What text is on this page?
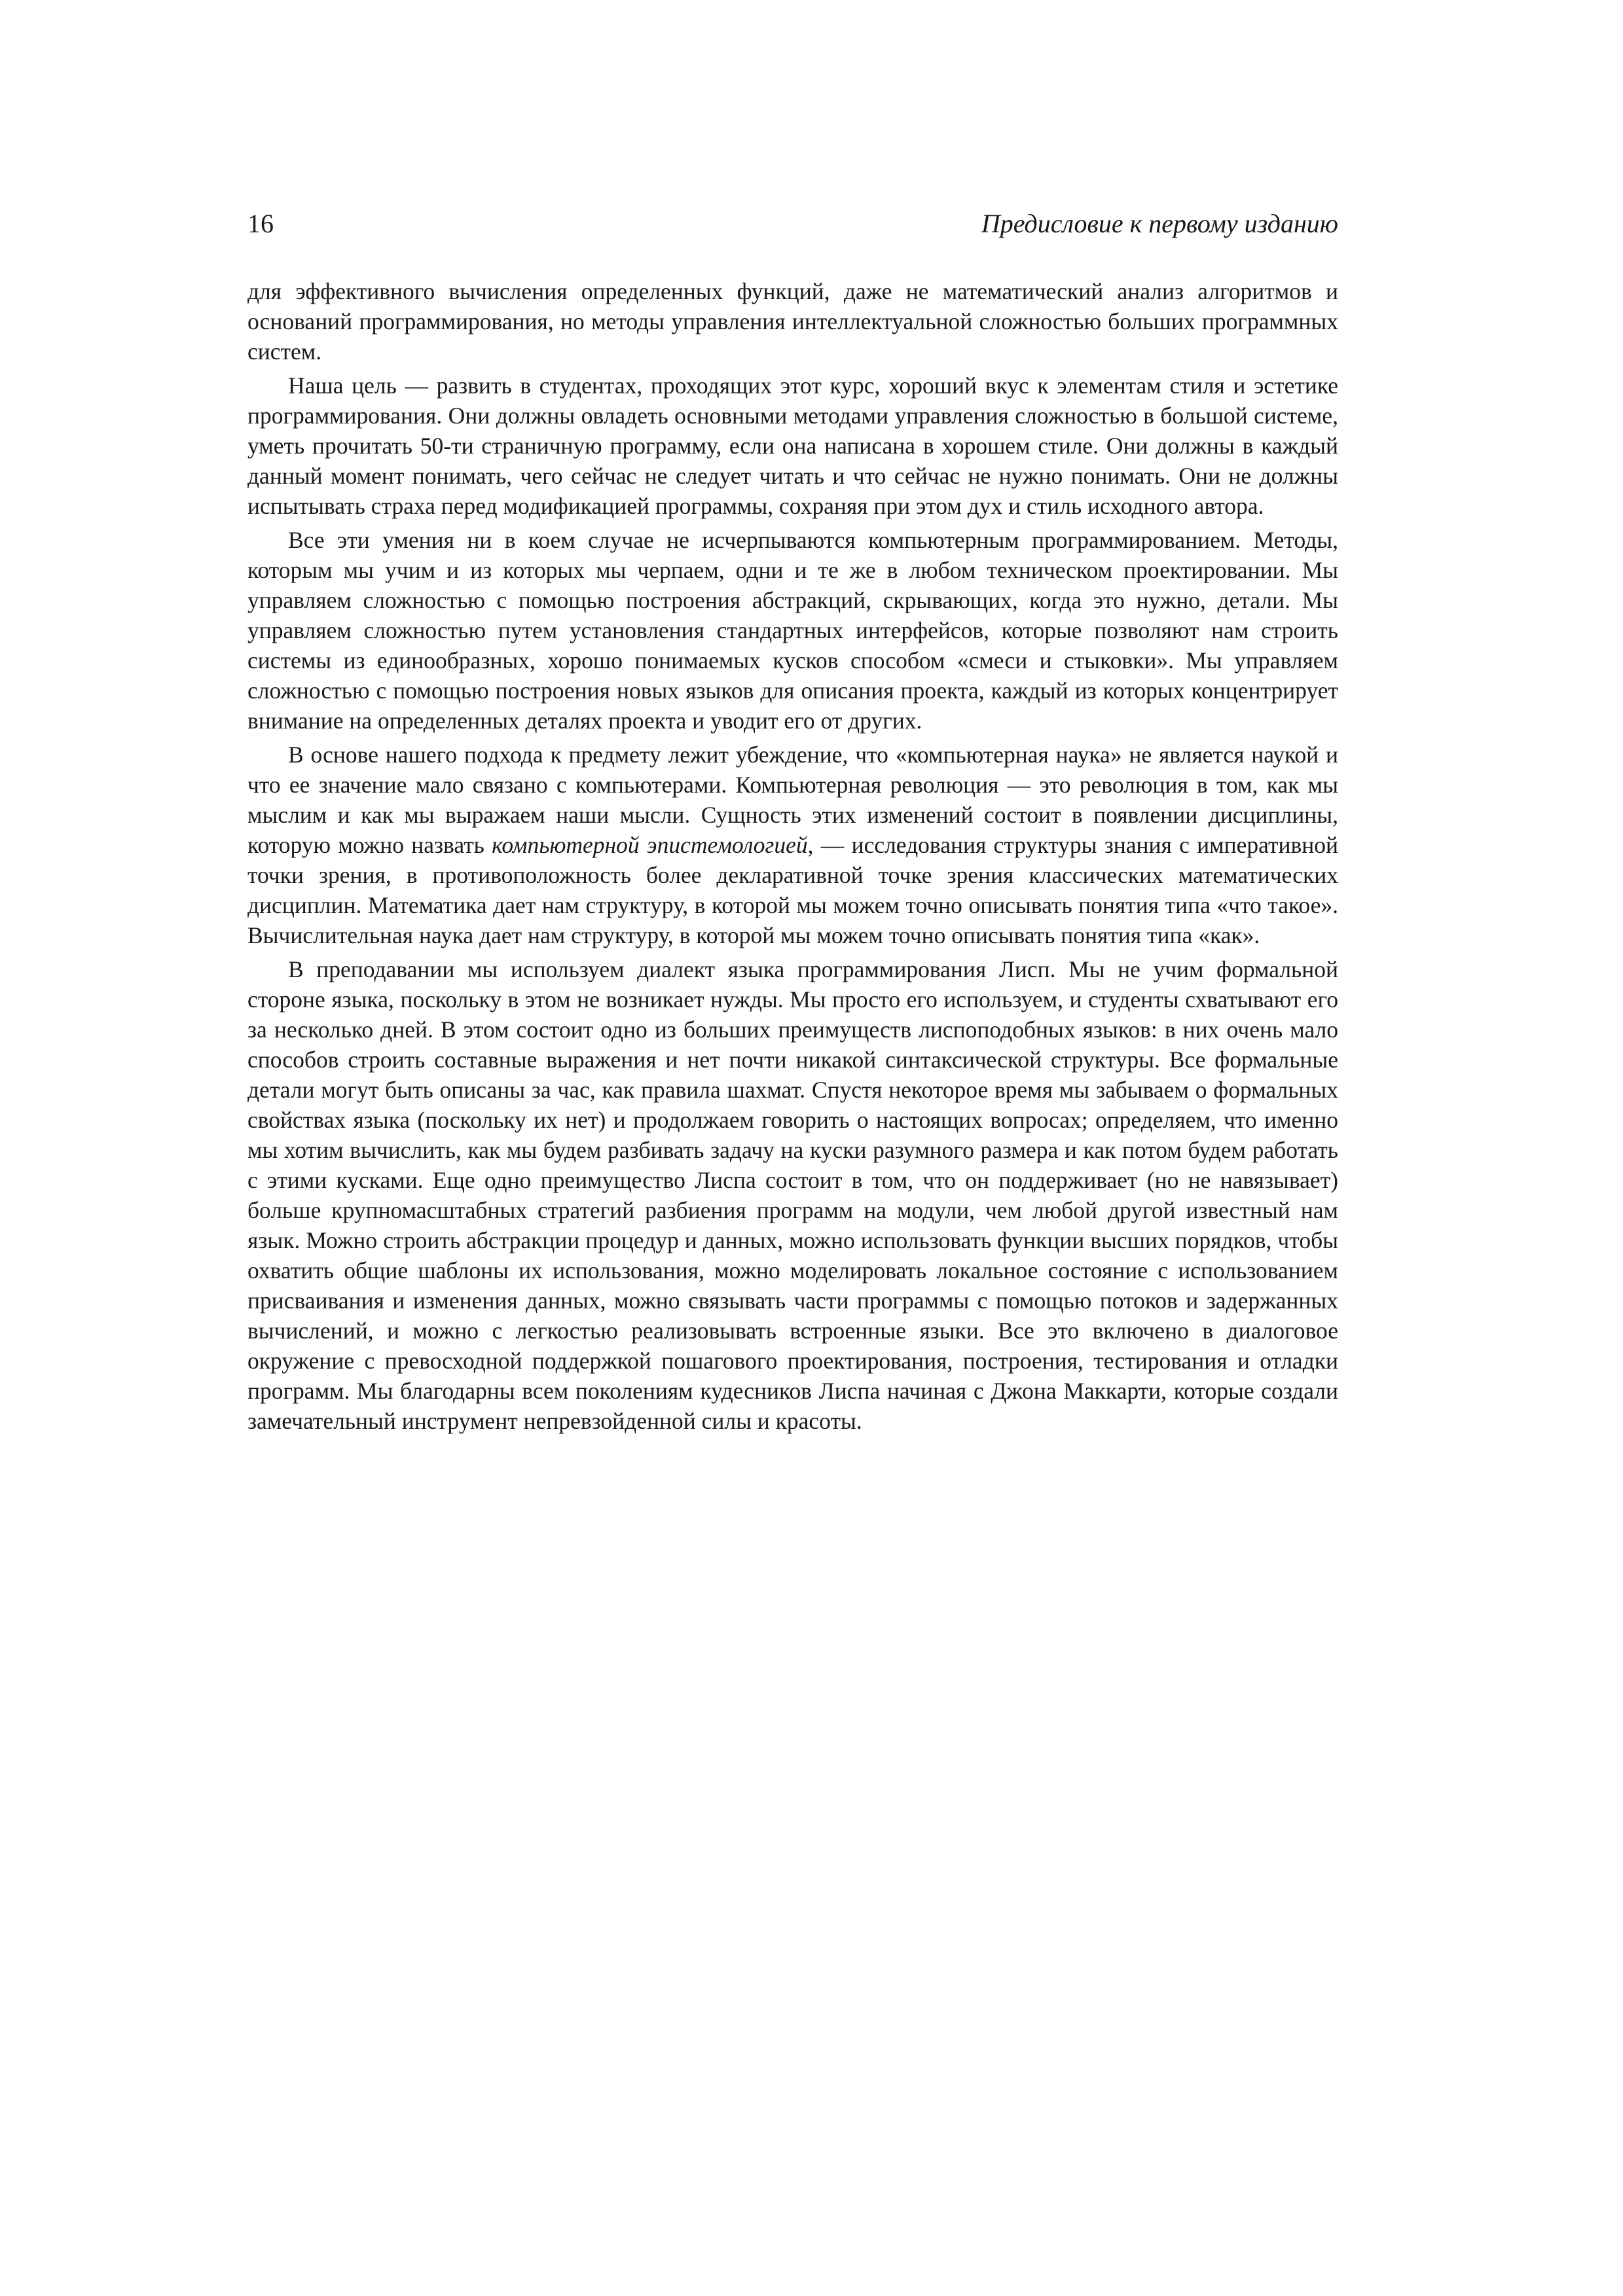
16	Предисловие к первому изданию

для эффективного вычисления определенных функций, даже не математический анализ алгоритмов и оснований программирования, но методы управления интеллектуальной сложностью больших программных систем.

Наша цель — развить в студентах, проходящих этот курс, хороший вкус к элементам стиля и эстетике программирования. Они должны овладеть основными методами управления сложностью в большой системе, уметь прочитать 50-ти страничную программу, если она написана в хорошем стиле. Они должны в каждый данный момент понимать, чего сейчас не следует читать и что сейчас не нужно понимать. Они не должны испытывать страха перед модификацией программы, сохраняя при этом дух и стиль исходного автора.

Все эти умения ни в коем случае не исчерпываются компьютерным программированием. Методы, которым мы учим и из которых мы черпаем, одни и те же в любом техническом проектировании. Мы управляем сложностью с помощью построения абстракций, скрывающих, когда это нужно, детали. Мы управляем сложностью путем установления стандартных интерфейсов, которые позволяют нам строить системы из единообразных, хорошо понимаемых кусков способом «смеси и стыковки». Мы управляем сложностью с помощью построения новых языков для описания проекта, каждый из которых концентрирует внимание на определенных деталях проекта и уводит его от других.

В основе нашего подхода к предмету лежит убеждение, что «компьютерная наука» не является наукой и что ее значение мало связано с компьютерами. Компьютерная революция — это революция в том, как мы мыслим и как мы выражаем наши мысли. Сущность этих изменений состоит в появлении дисциплины, которую можно назвать компьютерной эпистемологией, — исследования структуры знания с императивной точки зрения, в противоположность более декларативной точке зрения классических математических дисциплин. Математика дает нам структуру, в которой мы можем точно описывать понятия типа «что такое». Вычислительная наука дает нам структуру, в которой мы можем точно описывать понятия типа «как».

В преподавании мы используем диалект языка программирования Лисп. Мы не учим формальной стороне языка, поскольку в этом не возникает нужды. Мы просто его используем, и студенты схватывают его за несколько дней. В этом состоит одно из больших преимуществ лиспоподобных языков: в них очень мало способов строить составные выражения и нет почти никакой синтаксической структуры. Все формальные детали могут быть описаны за час, как правила шахмат. Спустя некоторое время мы забываем о формальных свойствах языка (поскольку их нет) и продолжаем говорить о настоящих вопросах; определяем, что именно мы хотим вычислить, как мы будем разбивать задачу на куски разумного размера и как потом будем работать с этими кусками. Еще одно преимущество Лиспа состоит в том, что он поддерживает (но не навязывает) больше крупномасштабных стратегий разбиения программ на модули, чем любой другой известный нам язык. Можно строить абстракции процедур и данных, можно использовать функции высших порядков, чтобы охватить общие шаблоны их использования, можно моделировать локальное состояние с использованием присваивания и изменения данных, можно связывать части программы с помощью потоков и задержанных вычислений, и можно с легкостью реализовывать встроенные языки. Все это включено в диалоговое окружение с превосходной поддержкой пошагового проектирования, построения, тестирования и отладки программ. Мы благодарны всем поколениям кудесников Лиспа начиная с Джона Маккарти, которые создали замечательный инструмент непревзойденной силы и красоты.
